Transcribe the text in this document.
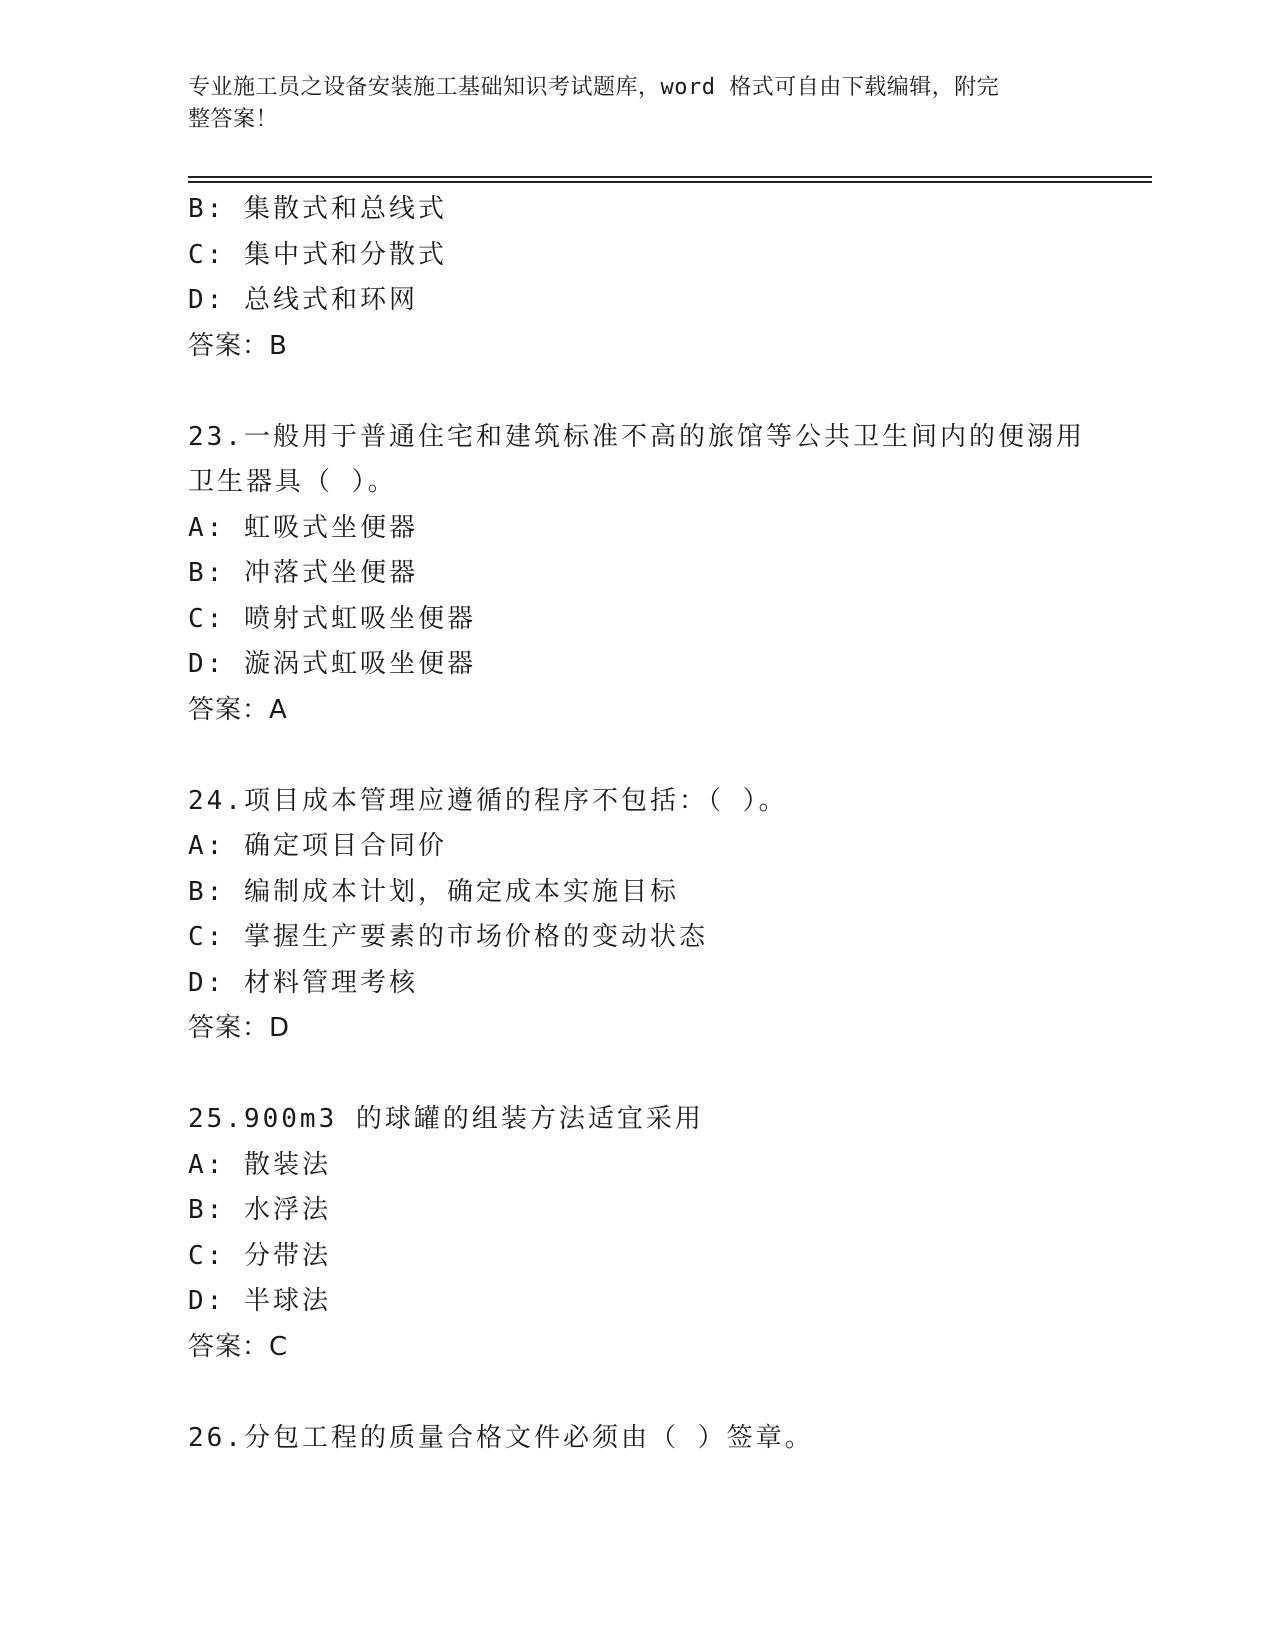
专业施工员之设备安装施工基础知识考试题库，word 格式可自由下载编辑，附完
整答案！
B: 集散式和总线式
C: 集中式和分散式
D: 总线式和环网
答案：B
23.一般用于普通住宅和建筑标准不高的旅馆等公共卫生间内的便溺用
卫生器具（ ）。
A: 虹吸式坐便器
B: 冲落式坐便器
C: 喷射式虹吸坐便器
D: 漩涡式虹吸坐便器
答案：A
24.项目成本管理应遵循的程序不包括：（ ）。
A: 确定项目合同价
B: 编制成本计划，确定成本实施目标
C: 掌握生产要素的市场价格的变动状态
D: 材料管理考核
答案：D
25.900m3 的球罐的组装方法适宜采用
A: 散装法
B: 水浮法
C: 分带法
D: 半球法
答案：C
26.分包工程的质量合格文件必须由（ ）签章。
